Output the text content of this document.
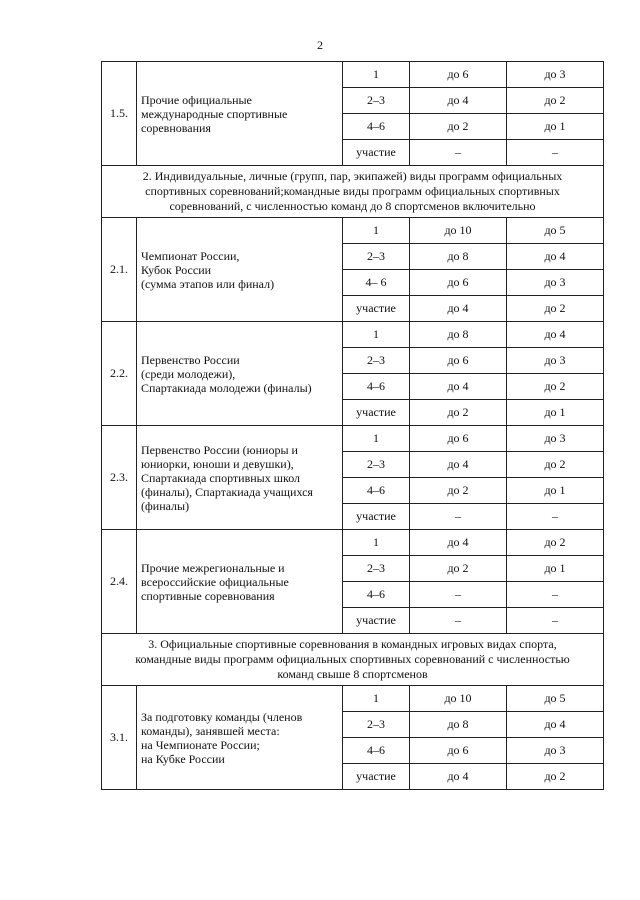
2
1.5.	Прочие официальные
международные спортивные
соревнования	1	до 6	до 3
		2–3	до 4	до 2
		4–6	до 2	до 1
		участие	–	–

2. Индивидуальные, личные (групп, пар, экипажей) виды программ официальных
спортивных соревнований;командные виды программ официальных спортивных
соревнований, с численностью команд до 8 спортсменов включительно				

2.1.	Чемпионат России,
Кубок России
(сумма этапов или финал)	1	до 10	до 5
		2–3	до 8	до 4
		4– 6	до 6	до 3
		участие	до 4	до 2
2.2.	Первенство России
(среди молодежи),
Спартакиада молодежи (финалы)	1	до 8	до 4
		2–3	до 6	до 3
		4–6	до 4	до 2
		участие	до 2	до 1
2.3.	Первенство России (юниоры и
юниорки, юноши и девушки),
Спартакиада спортивных школ
(финалы), Спартакиада учащихся
(финалы)	1	до 6	до 3
		2–3	до 4	до 2
		4–6	до 2	до 1
		участие	–	–
2.4.	Прочие межрегиональные и
всероссийские официальные
спортивные соревнования	1	до 4	до 2
		2–3	до 2	до 1
		4–6	–	–
		участие	–	–

3. Официальные спортивные соревнования в командных игровых видах спорта,
командные виды программ официальных спортивных соревнований с численностью
команд свыше 8 спортсменов				

3.1.	За подготовку команды (членов
команды), занявшей места:
на Чемпионате России;
на Кубке России	1	до 10	до 5
		2–3	до 8	до 4
		4–6	до 6	до 3
		участие	до 4	до 2
